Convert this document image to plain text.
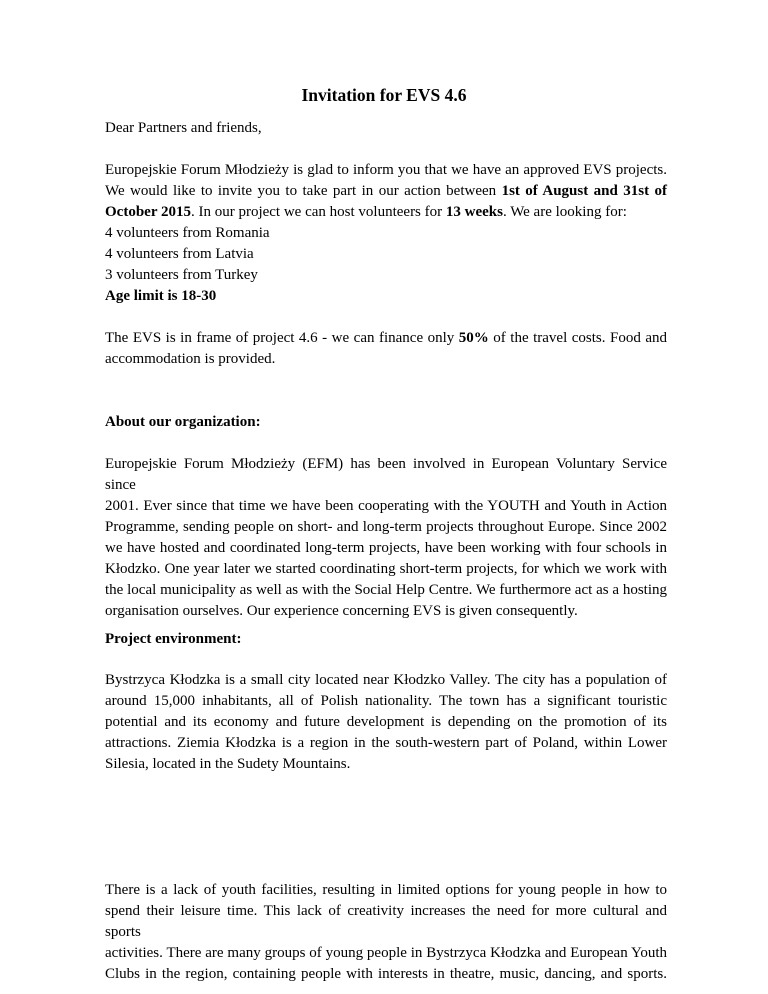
Invitation for EVS 4.6
Dear Partners and friends,
Europejskie Forum Młodzieży is glad to inform you that we have an approved EVS projects.
We would like to invite you to take part in our action between 1st of August and 31st of
October 2015. In our project we can host volunteers for 13 weeks. We are looking for:
4 volunteers from Romania
4 volunteers from Latvia
3 volunteers from Turkey
Age limit is 18-30
The EVS is in frame of project 4.6 - we can finance only 50% of the travel costs. Food and
accommodation is provided.
About our organization:
Europejskie Forum Młodzieży (EFM) has been involved in European Voluntary Service since
2001. Ever since that time we have been cooperating with the YOUTH and Youth in Action
Programme, sending people on short- and long-term projects throughout Europe. Since 2002
we have hosted and coordinated long-term projects, have been working with four schools in
Kłodzko. One year later we started coordinating short-term projects, for which we work with
the local municipality as well as with the Social Help Centre. We furthermore act as a hosting
organisation ourselves. Our experience concerning EVS is given consequently.
Project environment:
Bystrzyca Kłodzka is a small city located near Kłodzko Valley. The city has a population of
around 15,000 inhabitants, all of Polish nationality. The town has a significant touristic
potential and its economy and future development is depending on the promotion of its
attractions. Ziemia Kłodzka is a region in the south-western part of Poland, within Lower
Silesia, located in the Sudety Mountains.
There is a lack of youth facilities, resulting in limited options for young people in how to
spend their leisure time. This lack of creativity increases the need for more cultural and sports
activities. There are many groups of young people in Bystrzyca Kłodzka and European Youth
Clubs in the region, containing people with interests in theatre, music, dancing, and sports.
